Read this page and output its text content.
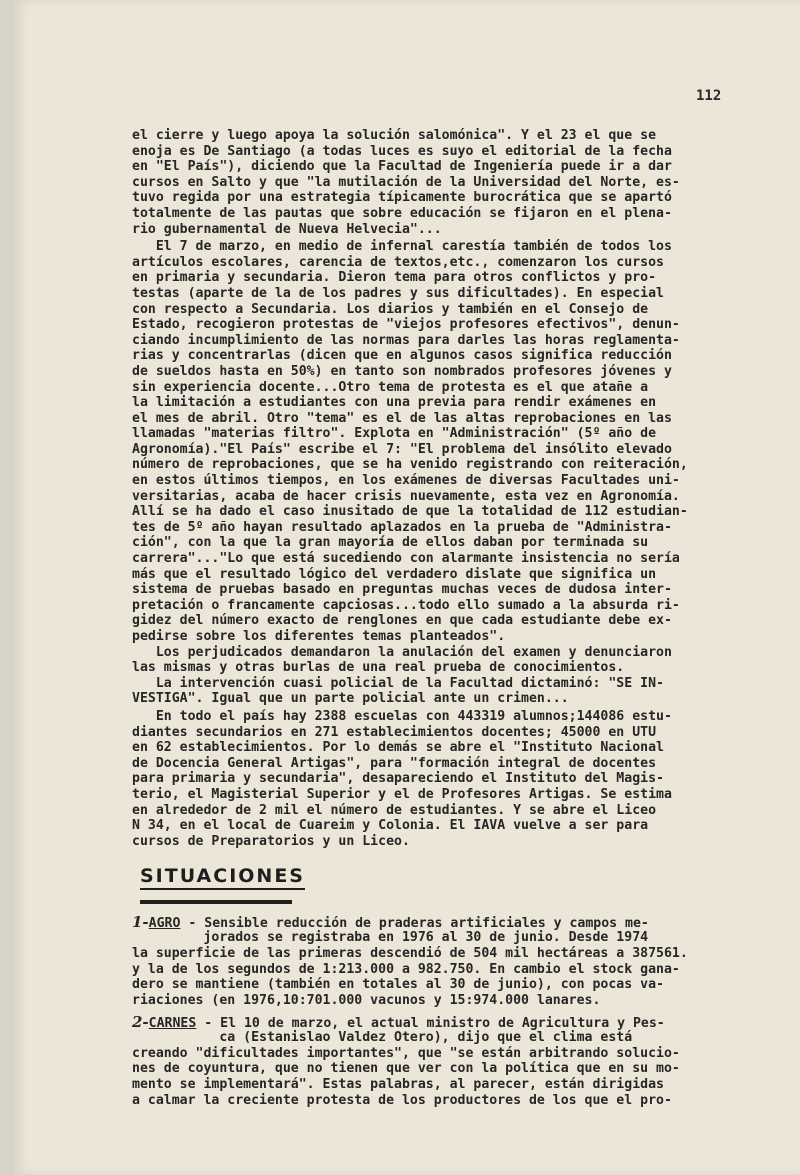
112
el cierre y luego apoya la solución salomónica". Y el 23 el que se
enoja es De Santiago (a todas luces es suyo el editorial de la fecha
en "El País"), diciendo que la Facultad de Ingeniería puede ir a dar
cursos en Salto y que "la mutilación de la Universidad del Norte, es-
tuvo regida por una estrategia típicamente burocrática que se apartó
totalmente de las pautas que sobre educación se fijaron en el plena-
rio gubernamental de Nueva Helvecia"...
El 7 de marzo, en medio de infernal carestía también de todos los
artículos escolares, carencia de textos,etc., comenzaron los cursos
en primaria y secundaria. Dieron tema para otros conflictos y pro-
testas (aparte de la de los padres y sus dificultades). En especial
con respecto a Secundaria. Los diarios y también en el Consejo de
Estado, recogieron protestas de "viejos profesores efectivos", denun-
ciando incumplimiento de las normas para darles las horas reglamenta-
rias y concentrarlas (dicen que en algunos casos significa reducción
de sueldos hasta en 50%) en tanto son nombrados profesores jóvenes y
sin experiencia docente...Otro tema de protesta es el que atañe a
la limitación a estudiantes con una previa para rendir exámenes en
el mes de abril. Otro "tema" es el de las altas reprobaciones en las
llamadas "materias filtro". Explota en "Administración" (5º año de
Agronomía)."El País" escribe el 7: "El problema del insólito elevado
número de reprobaciones, que se ha venido registrando con reiteración,
en estos últimos tiempos, en los exámenes de diversas Facultades uni-
versitarias, acaba de hacer crisis nuevamente, esta vez en Agronomía.
Allí se ha dado el caso inusitado de que la totalidad de 112 estudian-
tes de 5º año hayan resultado aplazados en la prueba de "Administra-
ción", con la que la gran mayoría de ellos daban por terminada su
carrera"..."Lo que está sucediendo con alarmante insistencia no sería
más que el resultado lógico del verdadero dislate que significa un
sistema de pruebas basado en preguntas muchas veces de dudosa inter-
pretación o francamente capciosas...todo ello sumado a la absurda ri-
gidez del número exacto de renglones en que cada estudiante debe ex-
pedirse sobre los diferentes temas planteados".
Los perjudicados demandaron la anulación del examen y denunciaron
las mismas y otras burlas de una real prueba de conocimientos.
La intervención cuasi policial de la Facultad dictaminó: "SE IN-
VESTIGA". Igual que un parte policial ante un crimen...
En todo el país hay 2388 escuelas con 443319 alumnos;144086 estu-
diantes secundarios en 271 establecimientos docentes; 45000 en UTU
en 62 establecimientos. Por lo demás se abre el "Instituto Nacional
de Docencia General Artigas", para "formación integral de docentes
para primaria y secundaria", desapareciendo el Instituto del Magis-
terio, el Magisterial Superior y el de Profesores Artigas. Se estima
en alrededor de 2 mil el número de estudiantes. Y se abre el Liceo
N 34, en el local de Cuareim y Colonia. El IAVA vuelve a ser para
cursos de Preparatorios y un Liceo.
SITUACIONES
1-AGRO - Sensible reducción de praderas artificiales y campos me-
jorados se registraba en 1976 al 30 de junio. Desde 1974
la superficie de las primeras descendió de 504 mil hectáreas a 387561.
y la de los segundos de 1:213.000 a 982.750. En cambio el stock gana-
dero se mantiene (también en totales al 30 de junio), con pocas va-
riaciones (en 1976,10:701.000 vacunos y 15:974.000 lanares.
2-CARNES - El 10 de marzo, el actual ministro de Agricultura y Pes-
ca (Estanislao Valdez Otero), dijo que el clima está
creando "dificultades importantes", que "se están arbitrando solucio-
nes de coyuntura, que no tienen que ver con la política que en su mo-
mento se implementará". Estas palabras, al parecer, están dirigidas
a calmar la creciente protesta de los productores de los que el pro-
